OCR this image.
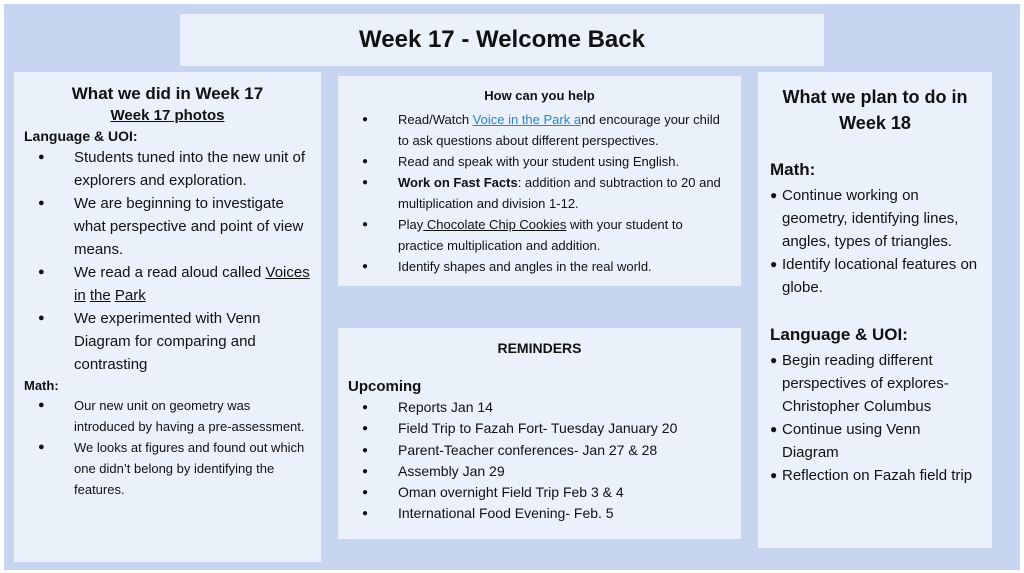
Week 17 - Welcome Back
What we did in Week 17
Week 17 photos
Language & UOI:
● Students tuned into the new unit of explorers and exploration.
● We are beginning to investigate what perspective and point of view means.
● We read a read aloud called Voices in the Park
● We experimented with Venn Diagram for comparing and contrasting
Math:
● Our new unit on geometry was introduced by having a pre-assessment.
● We looks at figures and found out which one didn’t belong by identifying the features.
How can you help
● Read/Watch Voice in the Park and encourage your child to ask questions about different perspectives.
● Read and speak with your student using English.
● Work on Fast Facts: addition and subtraction to 20 and multiplication and division 1-12.
● Play Chocolate Chip Cookies with your student to practice multiplication and addition.
● Identify shapes and angles in the real world.
REMINDERS
Upcoming
● Reports Jan 14
● Field Trip to Fazah Fort- Tuesday January 20
● Parent-Teacher conferences- Jan 27 & 28
● Assembly Jan 29
● Oman overnight Field Trip Feb 3 & 4
● International Food Evening- Feb. 5
What we plan to do in Week 18
Math:
● Continue working on geometry, identifying lines, angles, types of triangles.
● Identify locational features on globe.
Language & UOI:
● Begin reading different perspectives of explores- Christopher Columbus
● Continue using Venn Diagram
● Reflection on Fazah field trip
